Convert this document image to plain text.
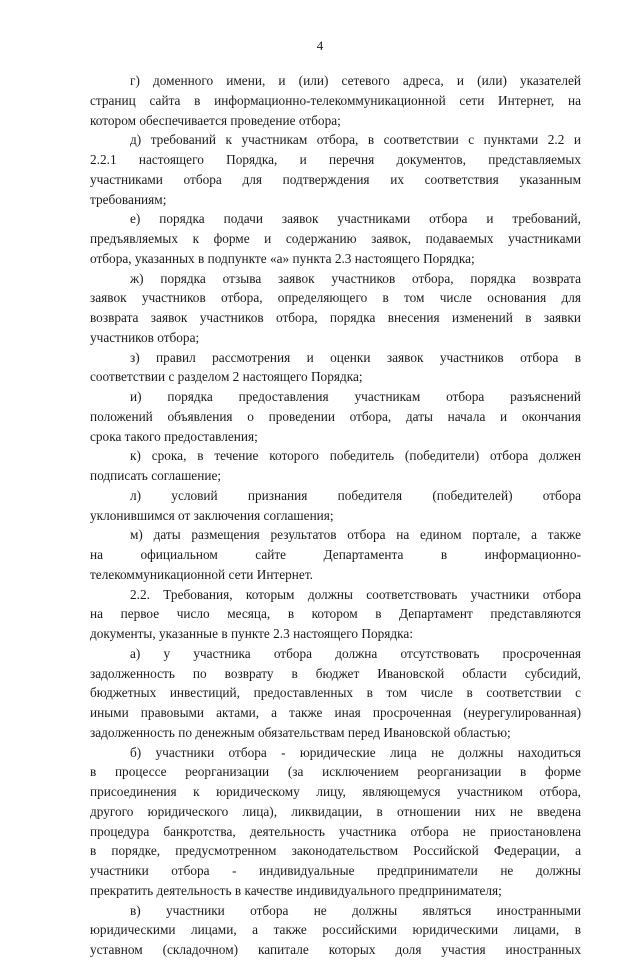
4
г) доменного имени, и (или) сетевого адреса, и (или) указателей
страниц сайта в информационно-телекоммуникационной сети Интернет, на
котором обеспечивается проведение отбора;
д) требований к участникам отбора, в соответствии с пунктами 2.2 и
2.2.1 настоящего Порядка, и перечня документов, представляемых
участниками отбора для подтверждения их соответствия указанным
требованиям;
е) порядка подачи заявок участниками отбора и требований,
предъявляемых к форме и содержанию заявок, подаваемых участниками
отбора, указанных в подпункте «а» пункта 2.3 настоящего Порядка;
ж) порядка отзыва заявок участников отбора, порядка возврата
заявок участников отбора, определяющего в том числе основания для
возврата заявок участников отбора, порядка внесения изменений в заявки
участников отбора;
з) правил рассмотрения и оценки заявок участников отбора в
соответствии с разделом 2 настоящего Порядка;
и) порядка предоставления участникам отбора разъяснений
положений объявления о проведении отбора, даты начала и окончания
срока такого предоставления;
к) срока, в течение которого победитель (победители) отбора должен
подписать соглашение;
л) условий признания победителя (победителей) отбора
уклонившимся от заключения соглашения;
м) даты размещения результатов отбора на едином портале, а также
на официальном сайте Департамента в информационно-
телекоммуникационной сети Интернет.
2.2. Требования, которым должны соответствовать участники отбора
на первое число месяца, в котором в Департамент представляются
документы, указанные в пункте 2.3 настоящего Порядка:
а) у участника отбора должна отсутствовать просроченная
задолженность по возврату в бюджет Ивановской области субсидий,
бюджетных инвестиций, предоставленных в том числе в соответствии с
иными правовыми актами, а также иная просроченная (неурегулированная)
задолженность по денежным обязательствам перед Ивановской областью;
б) участники отбора - юридические лица не должны находиться
в процессе реорганизации (за исключением реорганизации в форме
присоединения к юридическому лицу, являющемуся участником отбора,
другого юридического лица), ликвидации, в отношении них не введена
процедура банкротства, деятельность участника отбора не приостановлена
в порядке, предусмотренном законодательством Российской Федерации, а
участники отбора - индивидуальные предприниматели не должны
прекратить деятельность в качестве индивидуального предпринимателя;
в) участники отбора не должны являться иностранными
юридическими лицами, а также российскими юридическими лицами, в
уставном (складочном) капитале которых доля участия иностранных
